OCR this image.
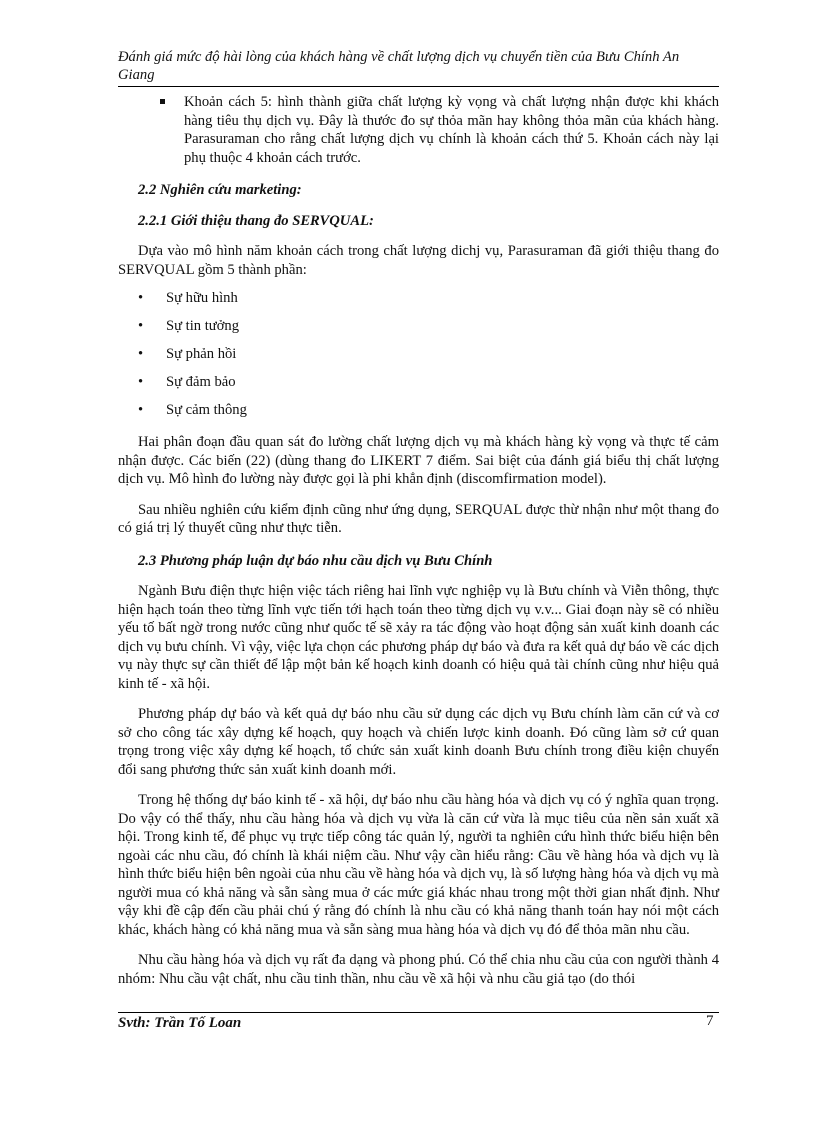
Đánh giá mức độ hài lòng của khách hàng về chất lượng dịch vụ chuyển tiền của Bưu Chính An Giang

Khoản cách 5: hình thành giữa chất lượng kỳ vọng và chất lượng nhận được khi khách hàng tiêu thụ dịch vụ. Đây là thước đo sự thỏa mãn hay không thỏa mãn của khách hàng. Parasuraman cho rằng chất lượng dịch vụ chính là khoản cách thứ 5. Khoản cách này lại phụ thuộc 4 khoản cách trước.

2.2 Nghiên cứu marketing:
2.2.1 Giới thiệu thang đo SERVQUAL:

Dựa vào mô hình năm khoản cách trong chất lượng dichj vụ, Parasuraman đã giới thiệu thang đo SERVQUAL gồm 5 thành phần:

• Sự hữu hình
• Sự tin tưởng
• Sự phản hồi
• Sự đảm bảo
• Sự cảm thông

Hai phân đoạn đầu quan sát đo lường chất lượng dịch vụ mà khách hàng kỳ vọng và thực tế cảm nhận được. Các biến (22) (dùng thang đo LIKERT 7 điểm. Sai biệt của đánh giá biểu thị chất lượng dịch vụ. Mô hình đo lường này được gọi là phi khẳn định (discomfirmation model).

Sau nhiều nghiên cứu kiểm định cũng như ứng dụng, SERQUAL được thừ nhận như một thang đo có giá trị lý thuyết cũng như thực tiễn.

2.3 Phương pháp luận dự báo nhu cầu dịch vụ Bưu Chính

Ngành Bưu điện thực hiện việc tách riêng hai lĩnh vực nghiệp vụ là Bưu chính và Viễn thông, thực hiện hạch toán theo từng lĩnh vực tiến tới hạch toán theo từng dịch vụ v.v... Giai đoạn này sẽ có nhiều yếu tố bất ngờ trong nước cũng như quốc tế sẽ xảy ra tác động vào hoạt động sản xuất kinh doanh các dịch vụ bưu chính. Vì vậy, việc lựa chọn các phương pháp dự báo và đưa ra kết quả dự báo về các dịch vụ này thực sự cần thiết để lập một bản kế hoạch kinh doanh có hiệu quả tài chính cũng như hiệu quả kinh tế - xã hội.

Phương pháp dự báo và kết quả dự báo nhu cầu sử dụng các dịch vụ Bưu chính làm căn cứ và cơ sở cho công tác xây dựng kế hoạch, quy hoạch và chiến lược kinh doanh. Đó cũng làm sở cứ quan trọng trong việc xây dựng kế hoạch, tổ chức sản xuất kinh doanh Bưu chính trong điều kiện chuyển đổi sang phương thức sản xuất kinh doanh mới.

Trong hệ thống dự báo kinh tế - xã hội, dự báo nhu cầu hàng hóa và dịch vụ có ý nghĩa quan trọng. Do vậy có thể thấy, nhu cầu hàng hóa và dịch vụ vừa là căn cứ vừa là mục tiêu của nền sản xuất xã hội. Trong kinh tế, để phục vụ trực tiếp công tác quản lý, người ta nghiên cứu hình thức biểu hiện bên ngoài các nhu cầu, đó chính là khái niệm cầu. Như vậy cần hiểu rằng: Cầu về hàng hóa và dịch vụ là hình thức biểu hiện bên ngoài của nhu cầu về hàng hóa và dịch vụ, là số lượng hàng hóa và dịch vụ mà người mua có khả năng và sẵn sàng mua ở các mức giá khác nhau trong một thời gian nhất định. Như vậy khi đề cập đến cầu phải chú ý rằng đó chính là nhu cầu có khả năng thanh toán hay nói một cách khác, khách hàng có khả năng mua và sẵn sàng mua hàng hóa và dịch vụ đó để thỏa mãn nhu cầu.

Nhu cầu hàng hóa và dịch vụ rất đa dạng và phong phú. Có thể chia nhu cầu của con người thành 4 nhóm: Nhu cầu vật chất, nhu cầu tinh thần, nhu cầu về xã hội và nhu cầu giả tạo (do thói

Svth: Trần Tố Loan	7
